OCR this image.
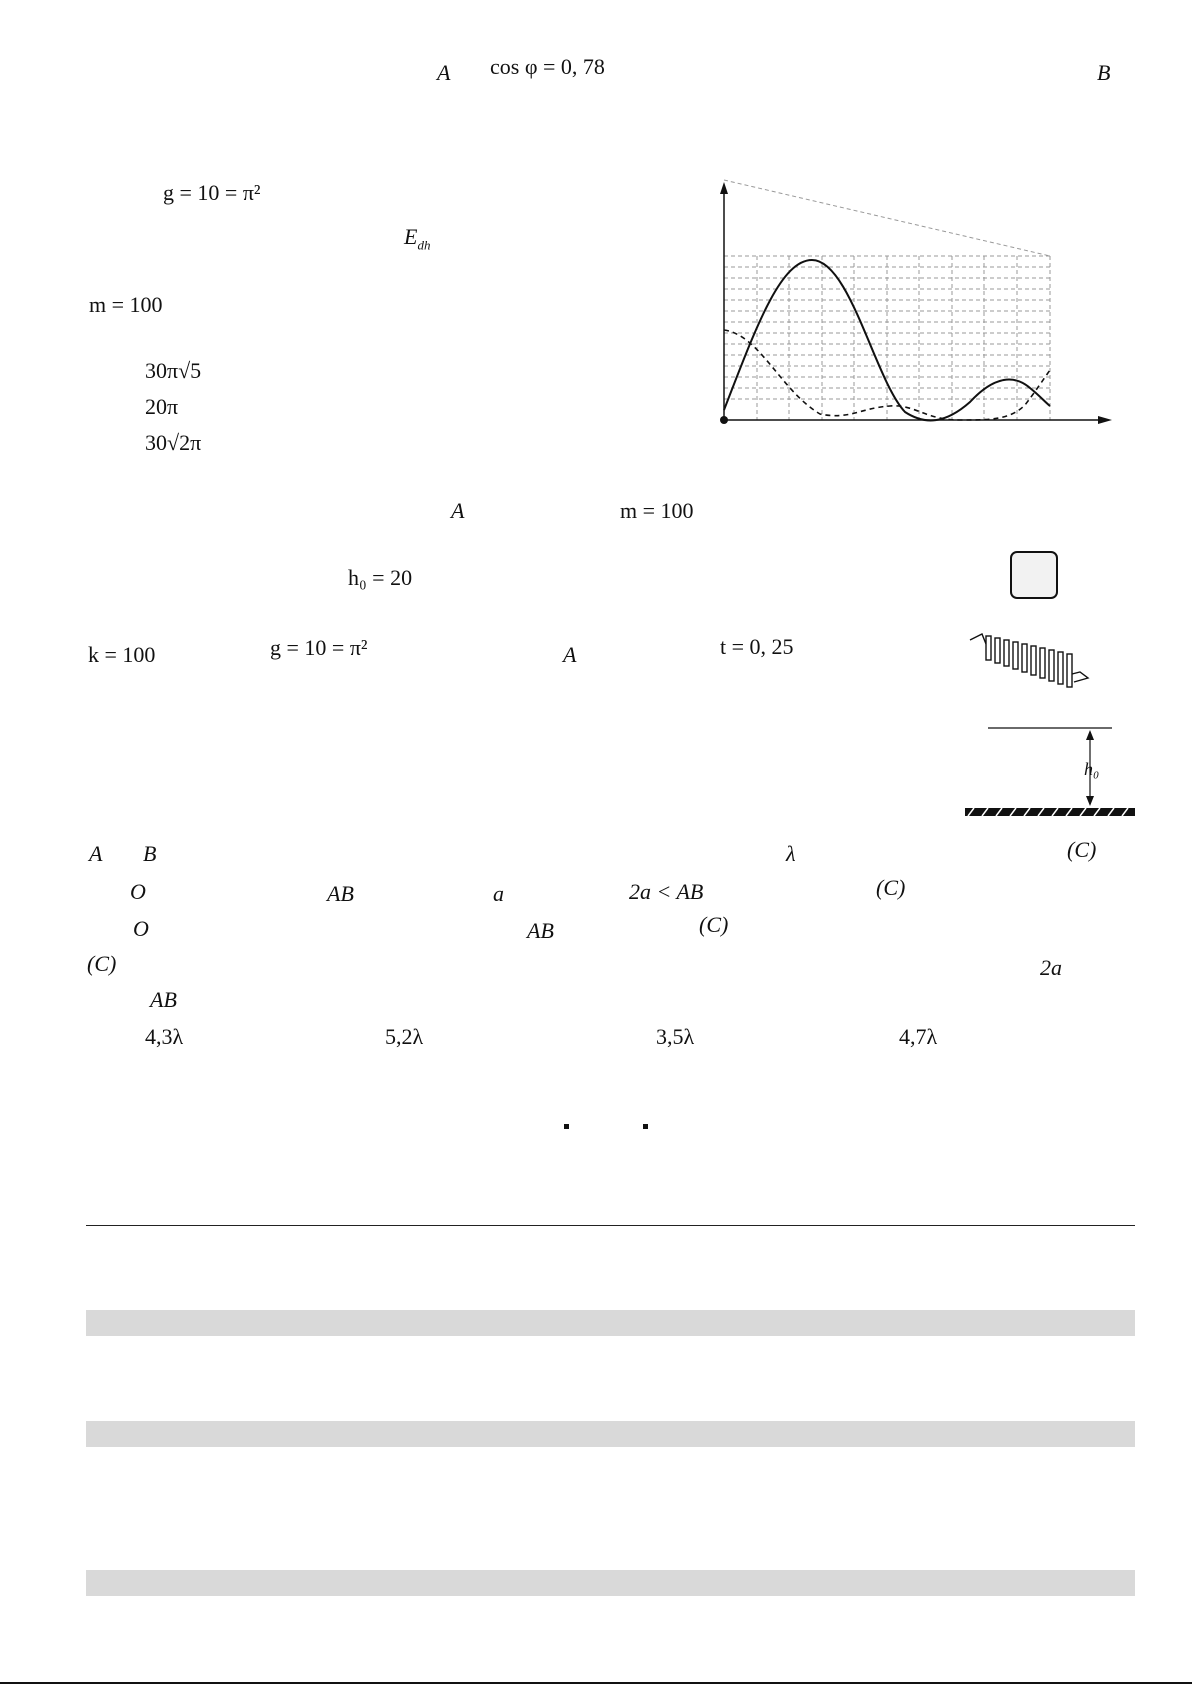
A cos φ = 0, 78	B
g = 10 = π²
$E_{dh}$
m = 100
30π√5
20π
30√2π
A	m = 100
h₀ = 20
k = 100	g = 10 = π²	A	t = 0, 25
h₀
A B	λ	(C)
O	AB	a	2a < AB	(C)
O	AB	(C)
(C)	2a
AB
4,3λ	5,2λ	3,5λ	4,7λ
